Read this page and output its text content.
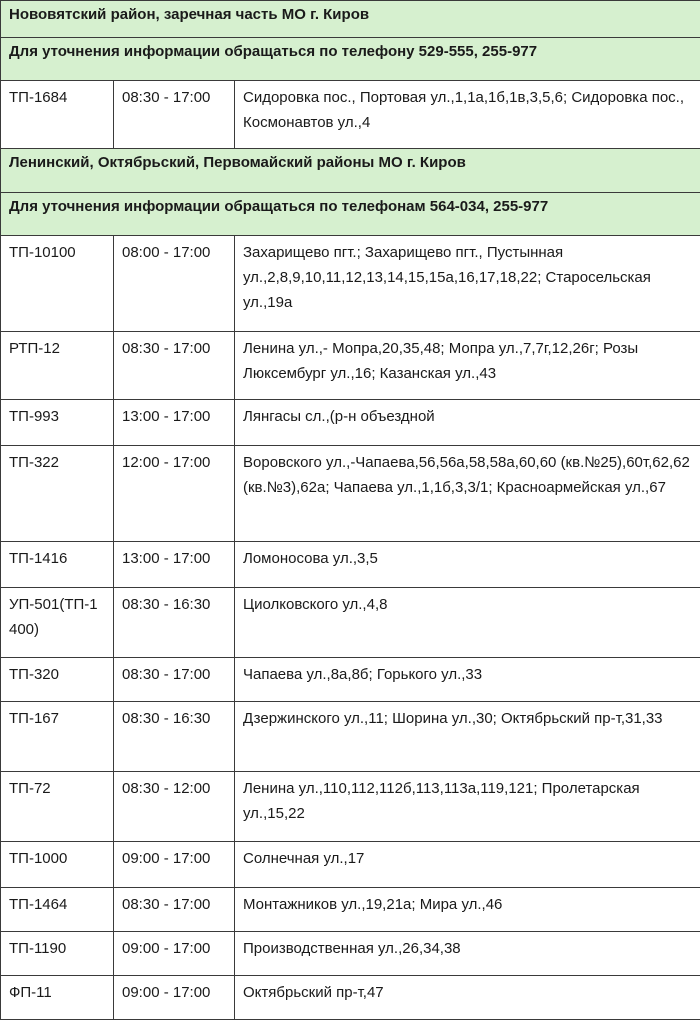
Нововятский район, заречная часть МО г. Киров		
Для уточнения информации обращаться по телефону 529-555, 255-977		
ТП-1684	08:30 - 17:00	Сидоровка пос., Портовая ул.,1,1а,1б,1в,3,5,6; Сидоровка пос., Космонавтов ул.,4
Ленинский, Октябрьский, Первомайский районы МО г. Киров		
Для уточнения информации обращаться по телефонам 564-034, 255-977		
ТП-10100	08:00 - 17:00	Захарищево пгт.; Захарищево пгт., Пустынная ул.,2,8,9,10,11,12,13,14,15,15а,16,17,18,22; Старосельская ул.,19а
РТП-12	08:30 - 17:00	Ленина ул.,- Мопра,20,35,48; Мопра ул.,7,7г,12,26г; Розы Люксембург ул.,16; Казанская ул.,43
ТП-993	13:00 - 17:00	Лянгасы сл.,(р-н объездной
ТП-322	12:00 - 17:00	Воровского ул.,-Чапаева,56,56а,58,58а,60,60 (кв.№25),60т,62,62 (кв.№3),62а; Чапаева ул.,1,1б,3,3/1; Красноармейская ул.,67
ТП-1416	13:00 - 17:00	Ломоносова ул.,3,5
УП-501(ТП-1400)	08:30 - 16:30	Циолковского ул.,4,8
ТП-320	08:30 - 17:00	Чапаева ул.,8а,8б; Горького ул.,33
ТП-167	08:30 - 16:30	Дзержинского ул.,11; Шорина ул.,30; Октябрьский пр-т,31,33
ТП-72	08:30 - 12:00	Ленина ул.,110,112,112б,113,113а,119,121; Пролетарская ул.,15,22
ТП-1000	09:00 - 17:00	Солнечная ул.,17
ТП-1464	08:30 - 17:00	Монтажников ул.,19,21а; Мира ул.,46
ТП-1190	09:00 - 17:00	Производственная ул.,26,34,38
ФП-11	09:00 - 17:00	Октябрьский пр-т,47
